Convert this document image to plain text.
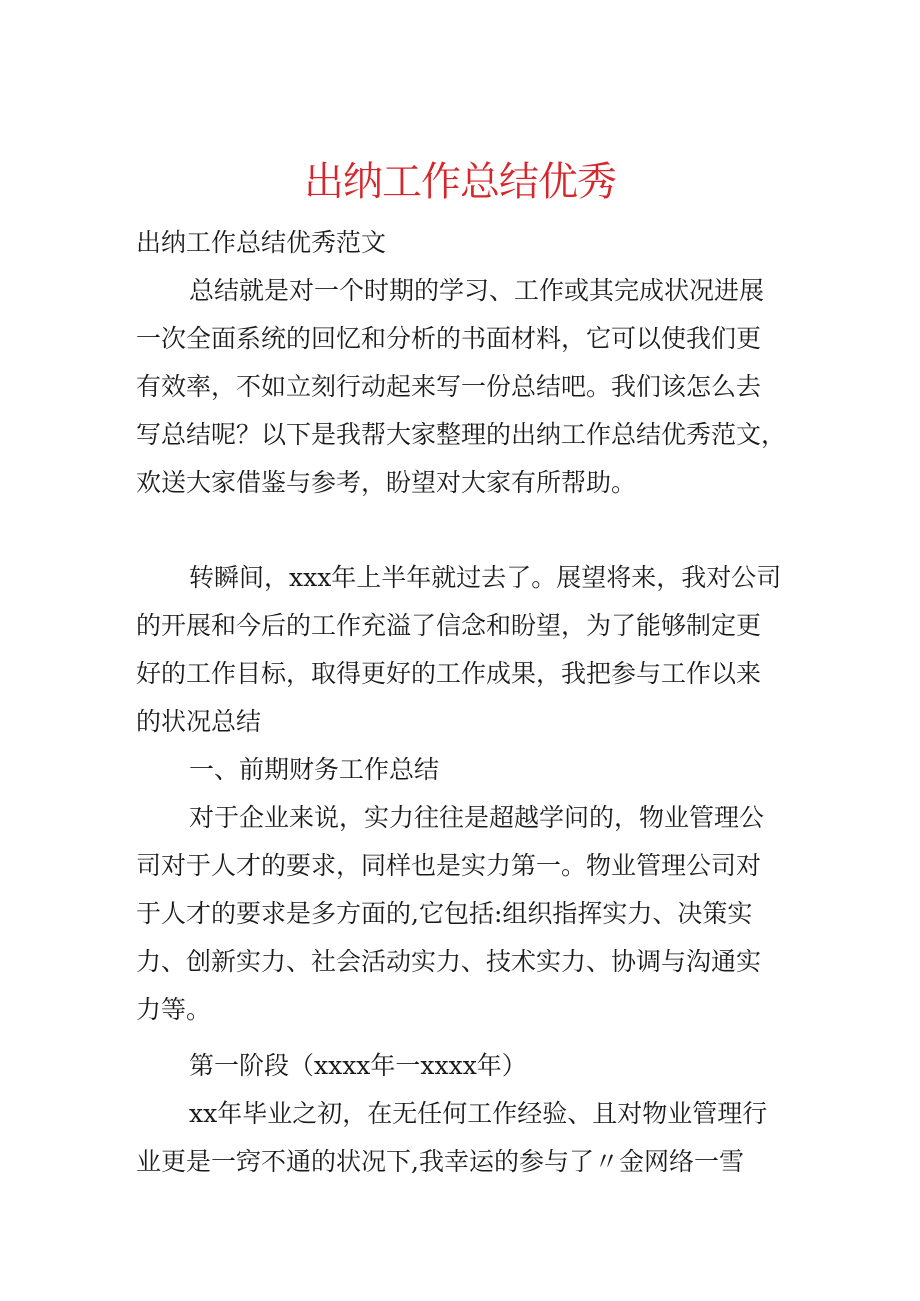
出纳工作总结优秀
出纳工作总结优秀范文
总结就是对一个时期的学习、工作或其完成状况进展
一次全面系统的回忆和分析的书面材料，它可以使我们更
有效率，不如立刻行动起来写一份总结吧。我们该怎么去
写总结呢？以下是我帮大家整理的出纳工作总结优秀范文，
欢送大家借鉴与参考，盼望对大家有所帮助。
转瞬间，xxx年上半年就过去了。展望将来，我对公司
的开展和今后的工作充溢了信念和盼望，为了能够制定更
好的工作目标，取得更好的工作成果，我把参与工作以来
的状况总结
一、前期财务工作总结
对于企业来说，实力往往是超越学问的，物业管理公
司对于人才的要求，同样也是实力第一。物业管理公司对
于人才的要求是多方面的,它包括:组织指挥实力、决策实
力、创新实力、社会活动实力、技术实力、协调与沟通实
力等。
第一阶段（xxxx年一xxxx年）
xx年毕业之初，在无任何工作经验、且对物业管理行
业更是一窍不通的状况下,我幸运的参与了〃金网络一雪
